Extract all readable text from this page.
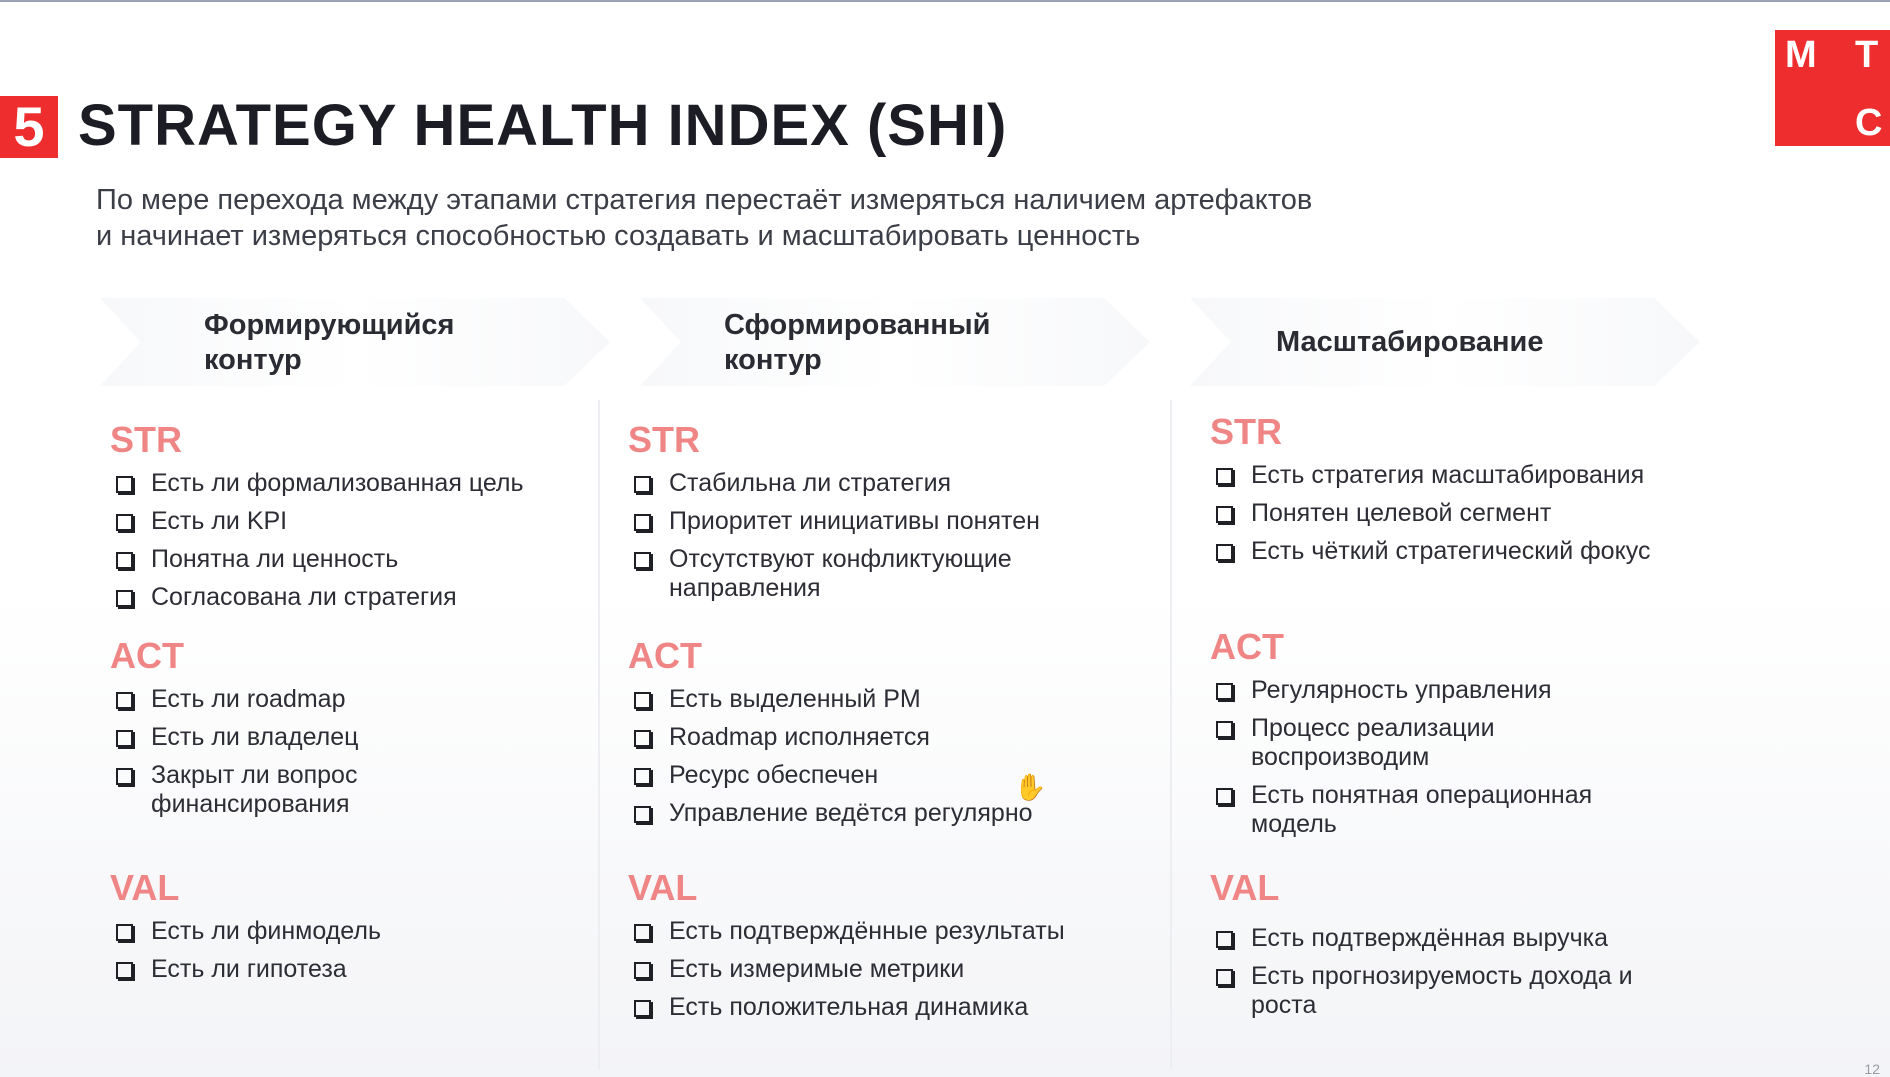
5 STRATEGY HEALTH INDEX (SHI)
М Т
С

По мере перехода между этапами стратегия перестаёт измеряться наличием артефактов
и начинает измеряться способностью создавать и масштабировать ценность

Формирующийся
контур
Сформированный
контур
Масштабирование
STR
Есть ли формализованная цель
Есть ли KPI
Понятна ли ценность
Согласована ли стратегия
ACT
Есть ли roadmap
Есть ли владелец
Закрыт ли вопрос финансирования
VAL
Есть ли финмодель
Есть ли гипотеза
STR
Стабильна ли стратегия
Приоритет инициативы понятен
Отсутствуют конфликтующие направления
ACT
Есть выделенный PM
Roadmap исполняется
Ресурс обеспечен
Управление ведётся регулярно
VAL
Есть подтверждённые результаты
Есть измеримые метрики
Есть положительная динамика
STR
Есть стратегия масштабирования
Понятен целевой сегмент
Есть чёткий стратегический фокус
ACT
Регулярность управления
Процесс реализации воспроизводим
Есть понятная операционная модель
VAL
Есть подтверждённая выручка
Есть прогнозируемость дохода и роста
✋
12
